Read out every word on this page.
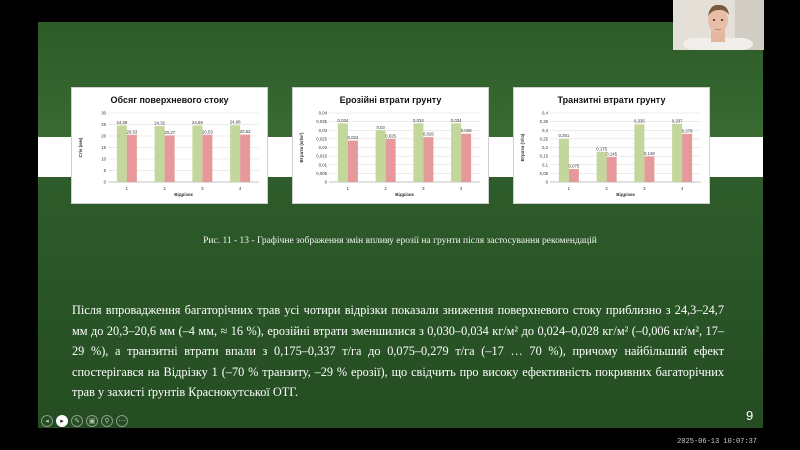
Обсяг поверхневого стоку
0
5
10
15
20
25
30
24,59
20,53
1
24,32
20,27
2
24,59
20,53
3
24,68
20,62
4
Відрізок
Стік (мм)
Ерозійні втрати грунту
0
0,005
0,01
0,015
0,02
0,025
0,03
0,035
0,04
0,034
0,024
1
0,03
0,025
2
0,034
0,026
3
0,034
0,028
4
Відрізок
Втрати (кг/м²)
Транзитні втрати грунту
0
0,05
0,1
0,15
0,2
0,25
0,3
0,35
0,4
0,251
0,075
1
0,175
0,145
2
0,335
0,148
3
0,337
0,279
4
Відрізок
Втрати (т/га)
Рис. 11 - 13 - Графічне зображення змін впливу ерозії на грунти після застосування рекомендацій

Після впровадження багаторічних трав усі чотири відрізки показали зниження поверхневого стоку приблизно з 24,3–24,7 мм до 20,3–20,6 мм (–4 мм, ≈ 16 %), ерозійні втрати зменшилися з 0,030–0,034 кг/м² до 0,024–0,028 кг/м² (–0,006 кг/м², 17–29 %), а транзитні втрати впали з 0,175–0,337 т/га до 0,075–0,279 т/га (–17 … 70 %), причому найбільший ефект спостерігався на Відрізку 1 (–70 % транзиту, –29 % ерозії), що свідчить про високу ефективність покривних багаторічних трав у захисті ґрунтів Краснокутської ОТГ.

9
◂	▸	✎	▣	⚲	⋯
2025-06-13 10:07:37
